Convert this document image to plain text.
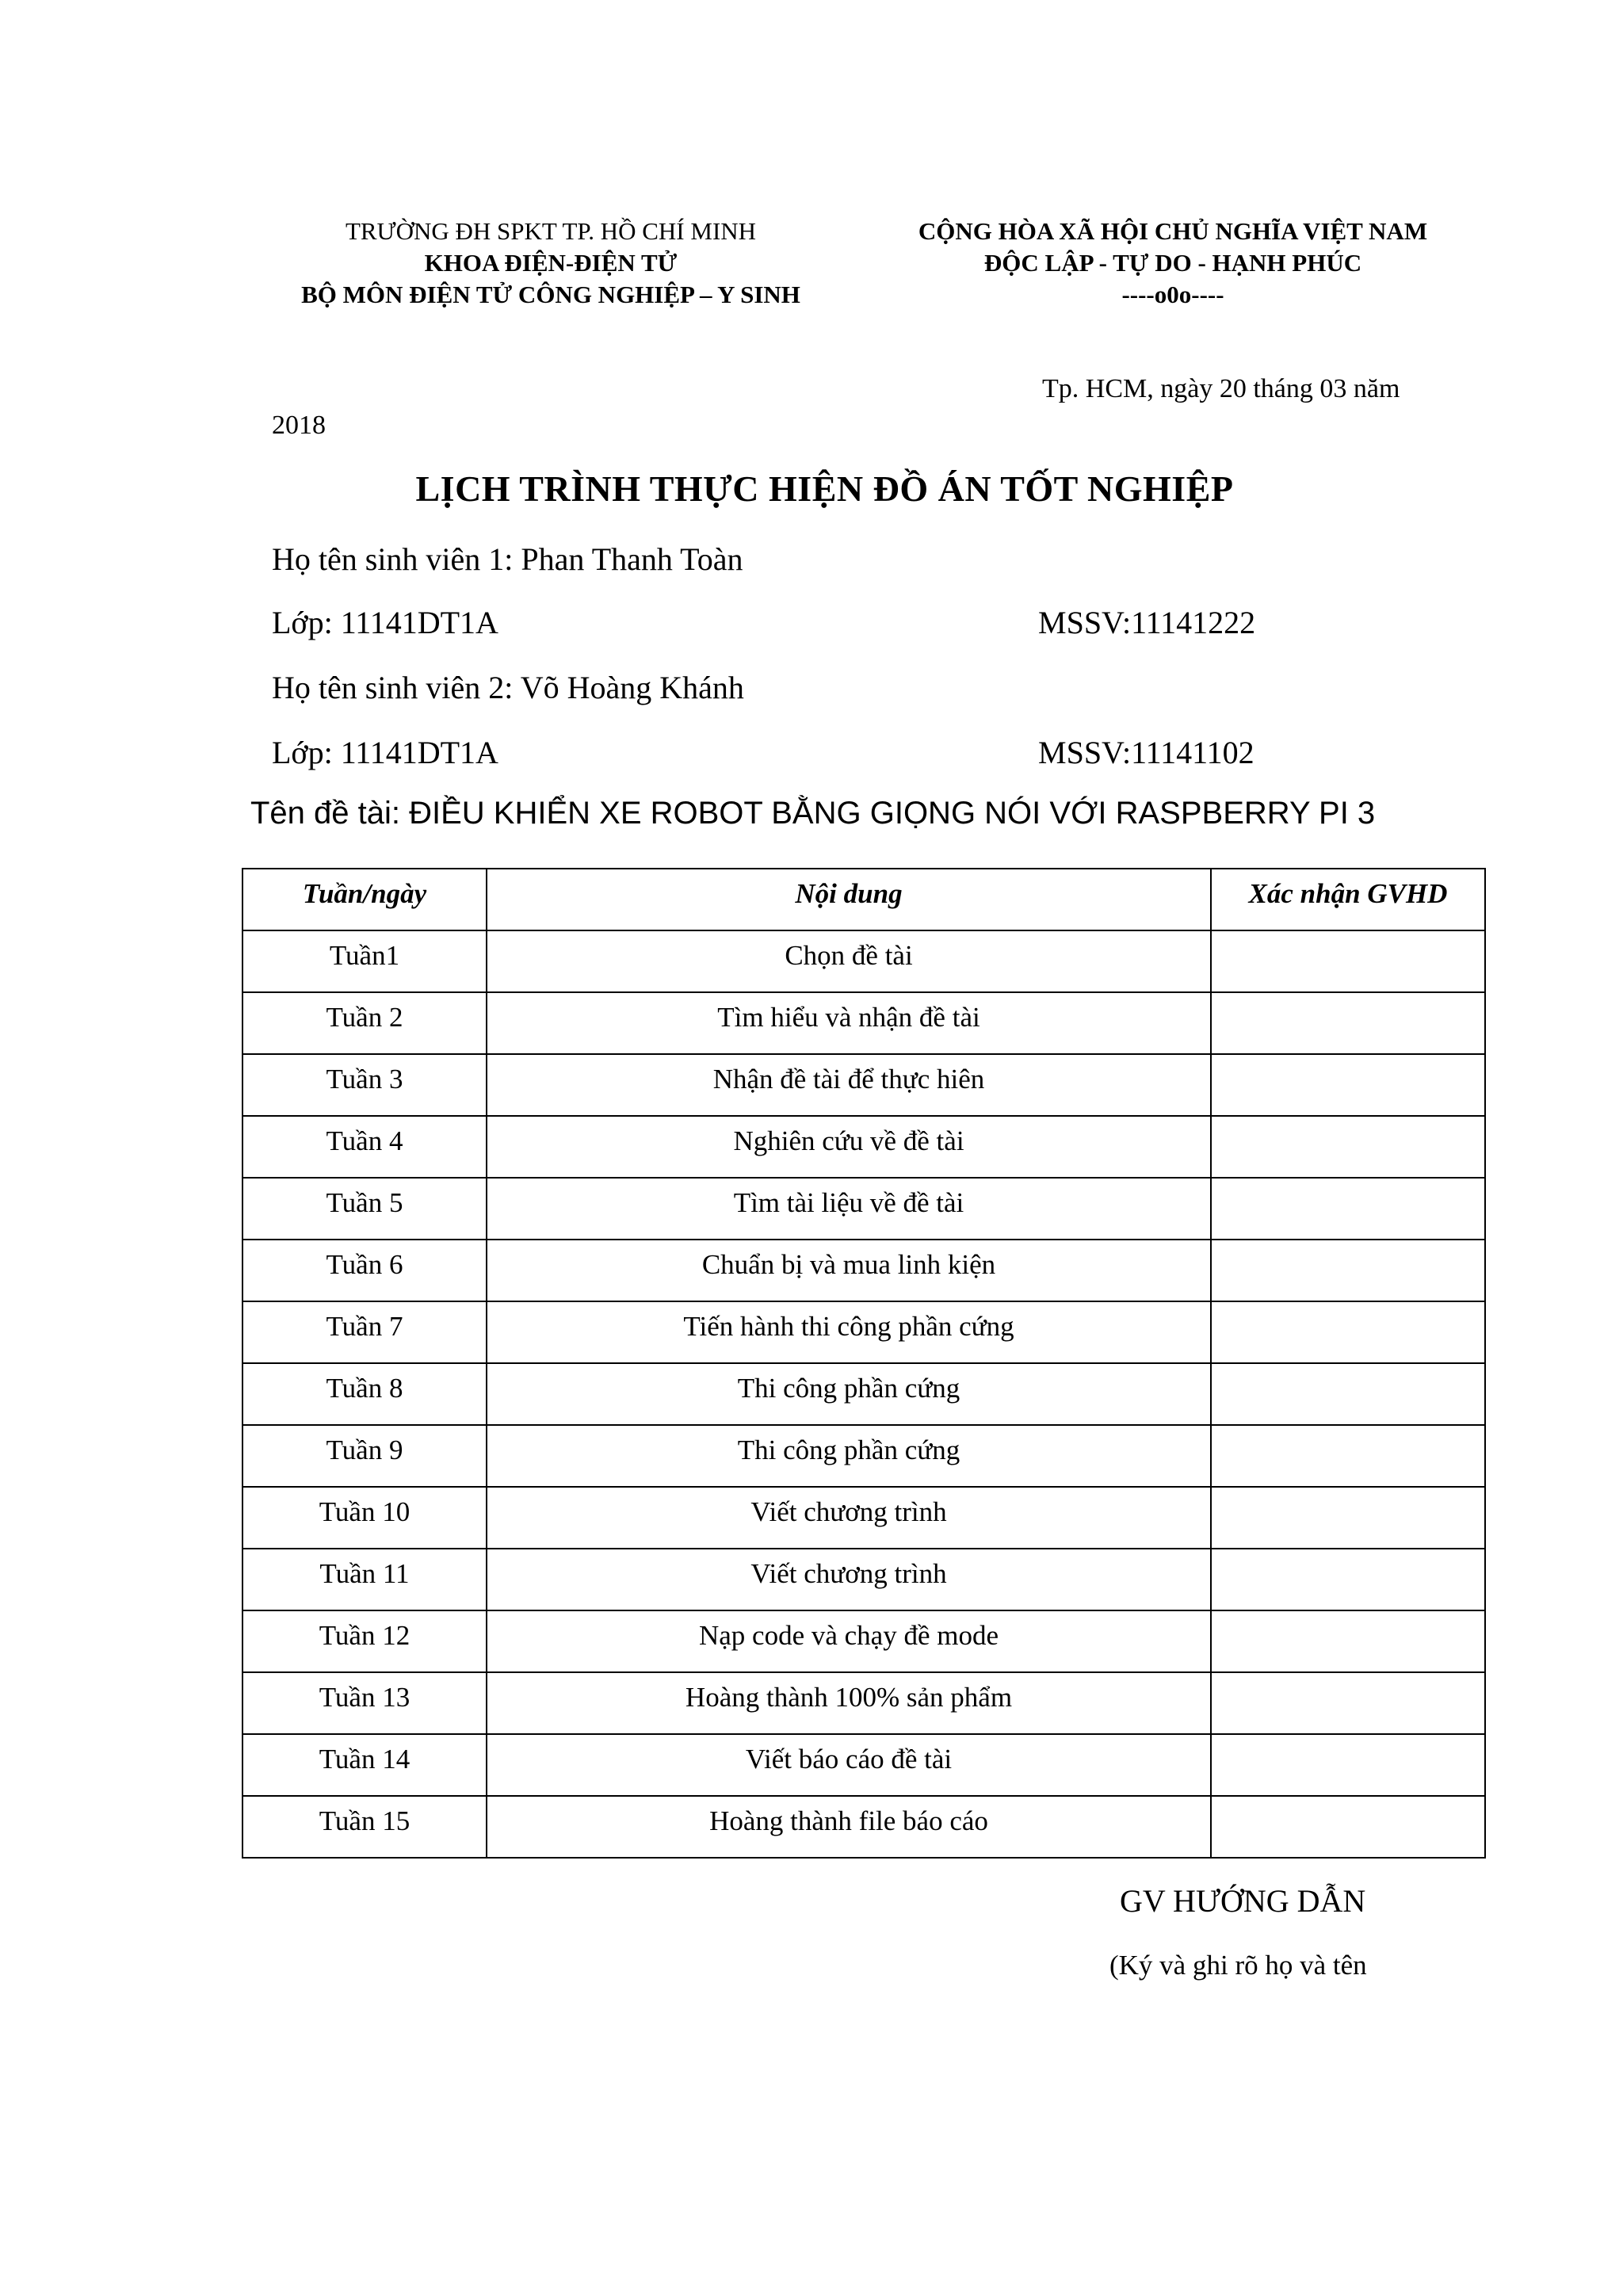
TRƯỜNG ĐH SPKT TP. HỒ CHÍ MINH
KHOA ĐIỆN-ĐIỆN TỬ
BỘ MÔN ĐIỆN TỬ CÔNG NGHIỆP – Y SINH
CỘNG HÒA XÃ HỘI CHỦ NGHĨA VIỆT NAM
ĐỘC LẬP - TỰ DO - HẠNH PHÚC
----o0o----
Tp. HCM, ngày 20 tháng 03 năm
2018
LỊCH TRÌNH THỰC HIỆN ĐỒ ÁN TỐT NGHIỆP
Họ tên sinh viên 1: Phan Thanh Toàn
Lớp: 11141DT1A	MSSV:11141222
Họ tên sinh viên 2: Võ Hoàng Khánh
Lớp: 11141DT1A	MSSV:11141102
Tên đề tài: ĐIỀU KHIỂN XE ROBOT BẰNG GIỌNG NÓI VỚI RASPBERRY PI 3
Tuần/ngày	Nội dung	Xác nhận GVHD
Tuần1	Chọn đề tài	
Tuần 2	Tìm hiểu và nhận đề tài	
Tuần 3	Nhận đề tài để thực hiên	
Tuần 4	Nghiên cứu về đề tài	
Tuần 5	Tìm tài liệu về đề tài	
Tuần 6	Chuẩn bị và mua linh kiện	
Tuần 7	Tiến hành thi công phần cứng	
Tuần 8	Thi công phần cứng	
Tuần 9	Thi công phần cứng	
Tuần 10	Viết chương trình	
Tuần 11	Viết chương trình	
Tuần 12	Nạp code và chạy đề mode	
Tuần 13	Hoàng thành 100% sản phẩm	
Tuần 14	Viết báo cáo đề tài	
Tuần 15	Hoàng thành file báo cáo	
GV HƯỚNG DẪN
(Ký và ghi rõ họ và tên
